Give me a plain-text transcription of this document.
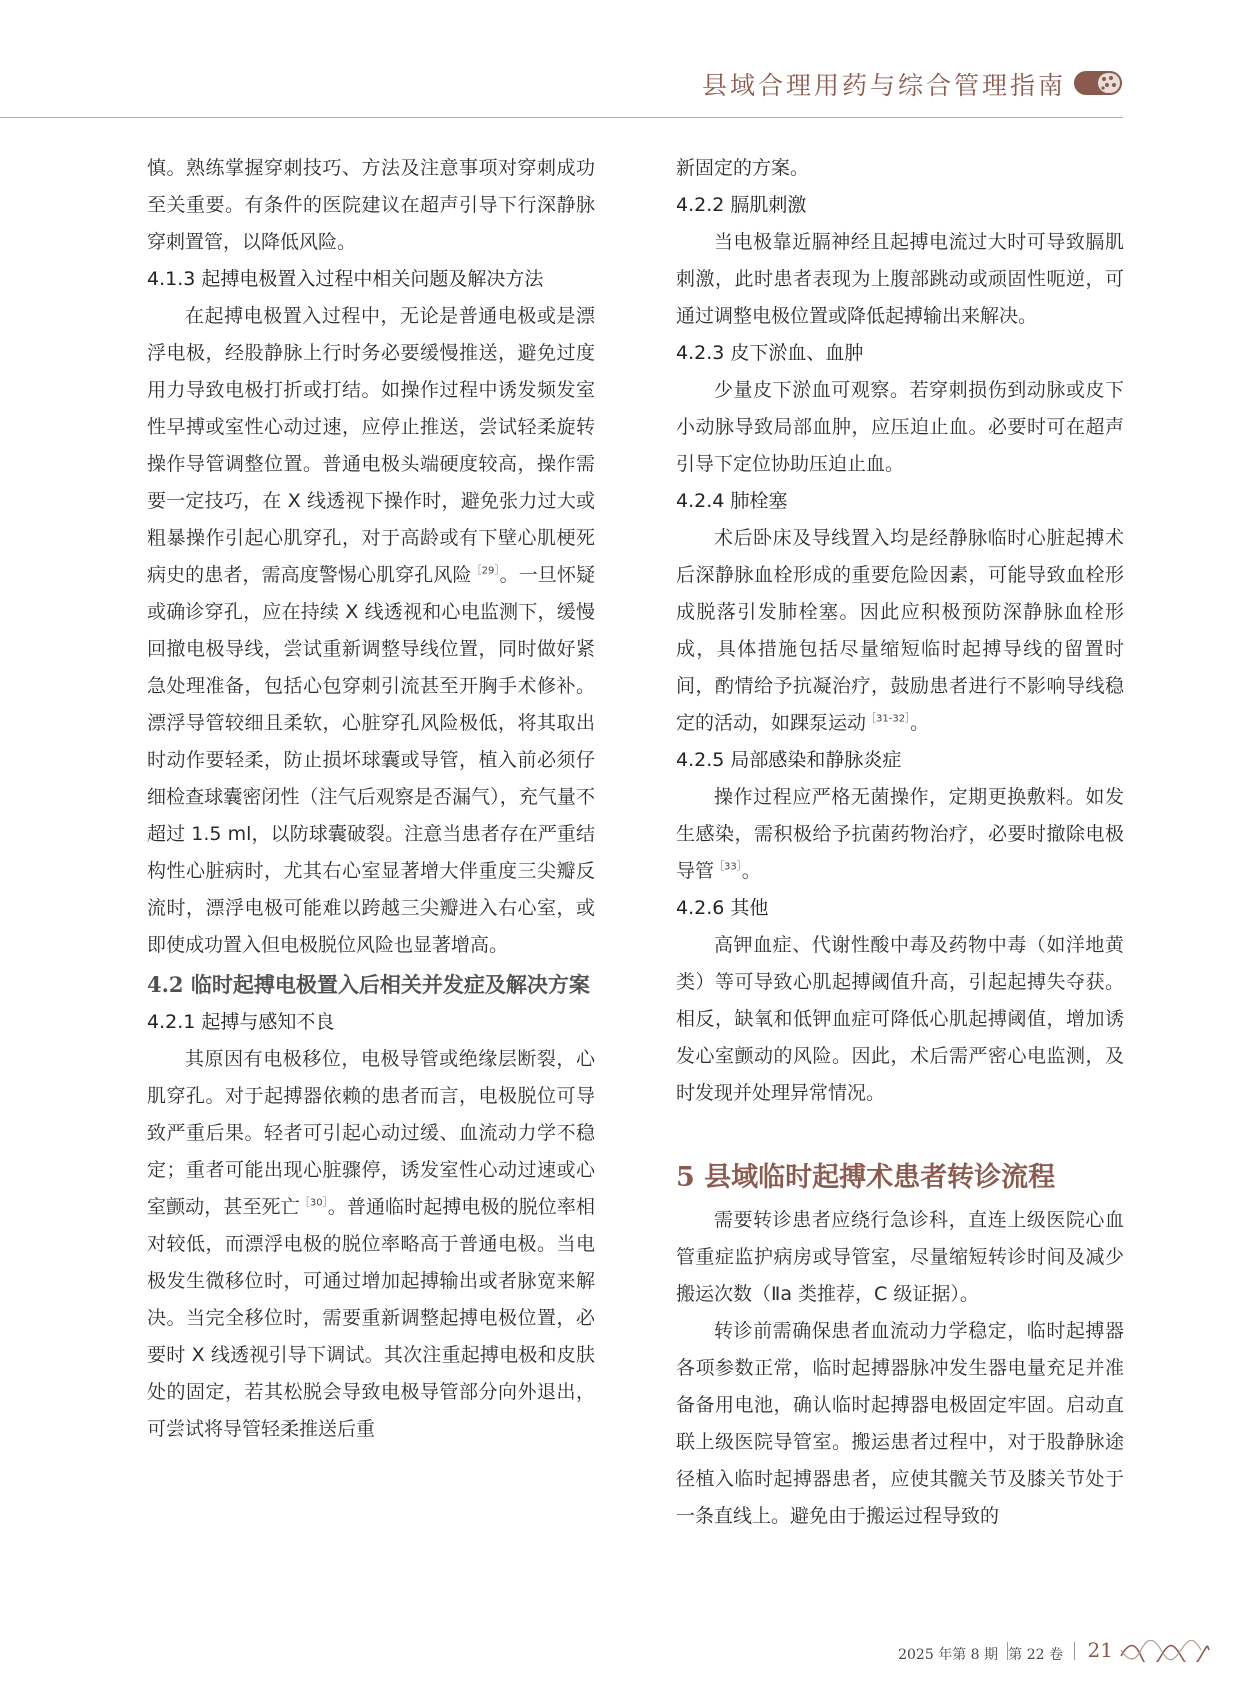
县域合理用药与综合管理指南

慎。熟练掌握穿刺技巧、方法及注意事项对穿刺成功至关重要。有条件的医院建议在超声引导下行深静脉穿刺置管，以降低风险。

4.1.3 起搏电极置入过程中相关问题及解决方法

在起搏电极置入过程中，无论是普通电极或是漂浮电极，经股静脉上行时务必要缓慢推送，避免过度用力导致电极打折或打结。如操作过程中诱发频发室性早搏或室性心动过速，应停止推送，尝试轻柔旋转操作导管调整位置。普通电极头端硬度较高，操作需要一定技巧，在 X 线透视下操作时，避免张力过大或粗暴操作引起心肌穿孔，对于高龄或有下壁心肌梗死病史的患者，需高度警惕心肌穿孔风险$^{[29]}$。一旦怀疑或确诊穿孔，应在持续 X 线透视和心电监测下，缓慢回撤电极导线，尝试重新调整导线位置，同时做好紧急处理准备，包括心包穿刺引流甚至开胸手术修补。漂浮导管较细且柔软，心脏穿孔风险极低，将其取出时动作要轻柔，防止损坏球囊或导管，植入前必须仔细检查球囊密闭性（注气后观察是否漏气），充气量不超过 1.5 ml，以防球囊破裂。注意当患者存在严重结构性心脏病时，尤其右心室显著增大伴重度三尖瓣反流时，漂浮电极可能难以跨越三尖瓣进入右心室，或即使成功置入但电极脱位风险也显著增高。

4.2 临时起搏电极置入后相关并发症及解决方案
4.2.1 起搏与感知不良

其原因有电极移位，电极导管或绝缘层断裂，心肌穿孔。对于起搏器依赖的患者而言，电极脱位可导致严重后果。轻者可引起心动过缓、血流动力学不稳定；重者可能出现心脏骤停，诱发室性心动过速或心室颤动，甚至死亡$^{[30]}$。普通临时起搏电极的脱位率相对较低，而漂浮电极的脱位率略高于普通电极。当电极发生微移位时，可通过增加起搏输出或者脉宽来解决。当完全移位时，需要重新调整起搏电极位置，必要时 X 线透视引导下调试。其次注重起搏电极和皮肤处的固定，若其松脱会导致电极导管部分向外退出，可尝试将导管轻柔推送后重

新固定的方案。

4.2.2 膈肌刺激

当电极靠近膈神经且起搏电流过大时可导致膈肌刺激，此时患者表现为上腹部跳动或顽固性呃逆，可通过调整电极位置或降低起搏输出来解决。

4.2.3 皮下淤血、血肿

少量皮下淤血可观察。若穿刺损伤到动脉或皮下小动脉导致局部血肿，应压迫止血。必要时可在超声引导下定位协助压迫止血。

4.2.4 肺栓塞

术后卧床及导线置入均是经静脉临时心脏起搏术后深静脉血栓形成的重要危险因素，可能导致血栓形成脱落引发肺栓塞。因此应积极预防深静脉血栓形成，具体措施包括尽量缩短临时起搏导线的留置时间，酌情给予抗凝治疗，鼓励患者进行不影响导线稳定的活动，如踝泵运动$^{[31-32]}$。

4.2.5 局部感染和静脉炎症

操作过程应严格无菌操作，定期更换敷料。如发生感染，需积极给予抗菌药物治疗，必要时撤除电极导管$^{[33]}$。

4.2.6 其他

高钾血症、代谢性酸中毒及药物中毒（如洋地黄类）等可导致心肌起搏阈值升高，引起起搏失夺获。相反，缺氧和低钾血症可降低心肌起搏阈值，增加诱发心室颤动的风险。因此，术后需严密心电监测，及时发现并处理异常情况。

5 县域临时起搏术患者转诊流程

需要转诊患者应绕行急诊科，直连上级医院心血管重症监护病房或导管室，尽量缩短转诊时间及减少搬运次数（Ⅱa 类推荐，C 级证据）。

转诊前需确保患者血流动力学稳定，临时起搏器各项参数正常，临时起搏器脉冲发生器电量充足并准备备用电池，确认临时起搏器电极固定牢固。启动直联上级医院导管室。搬运患者过程中，对于股静脉途径植入临时起搏器患者，应使其髋关节及膝关节处于一条直线上。避免由于搬运过程导致的

2025 年第 8 期 第 22 卷 21
